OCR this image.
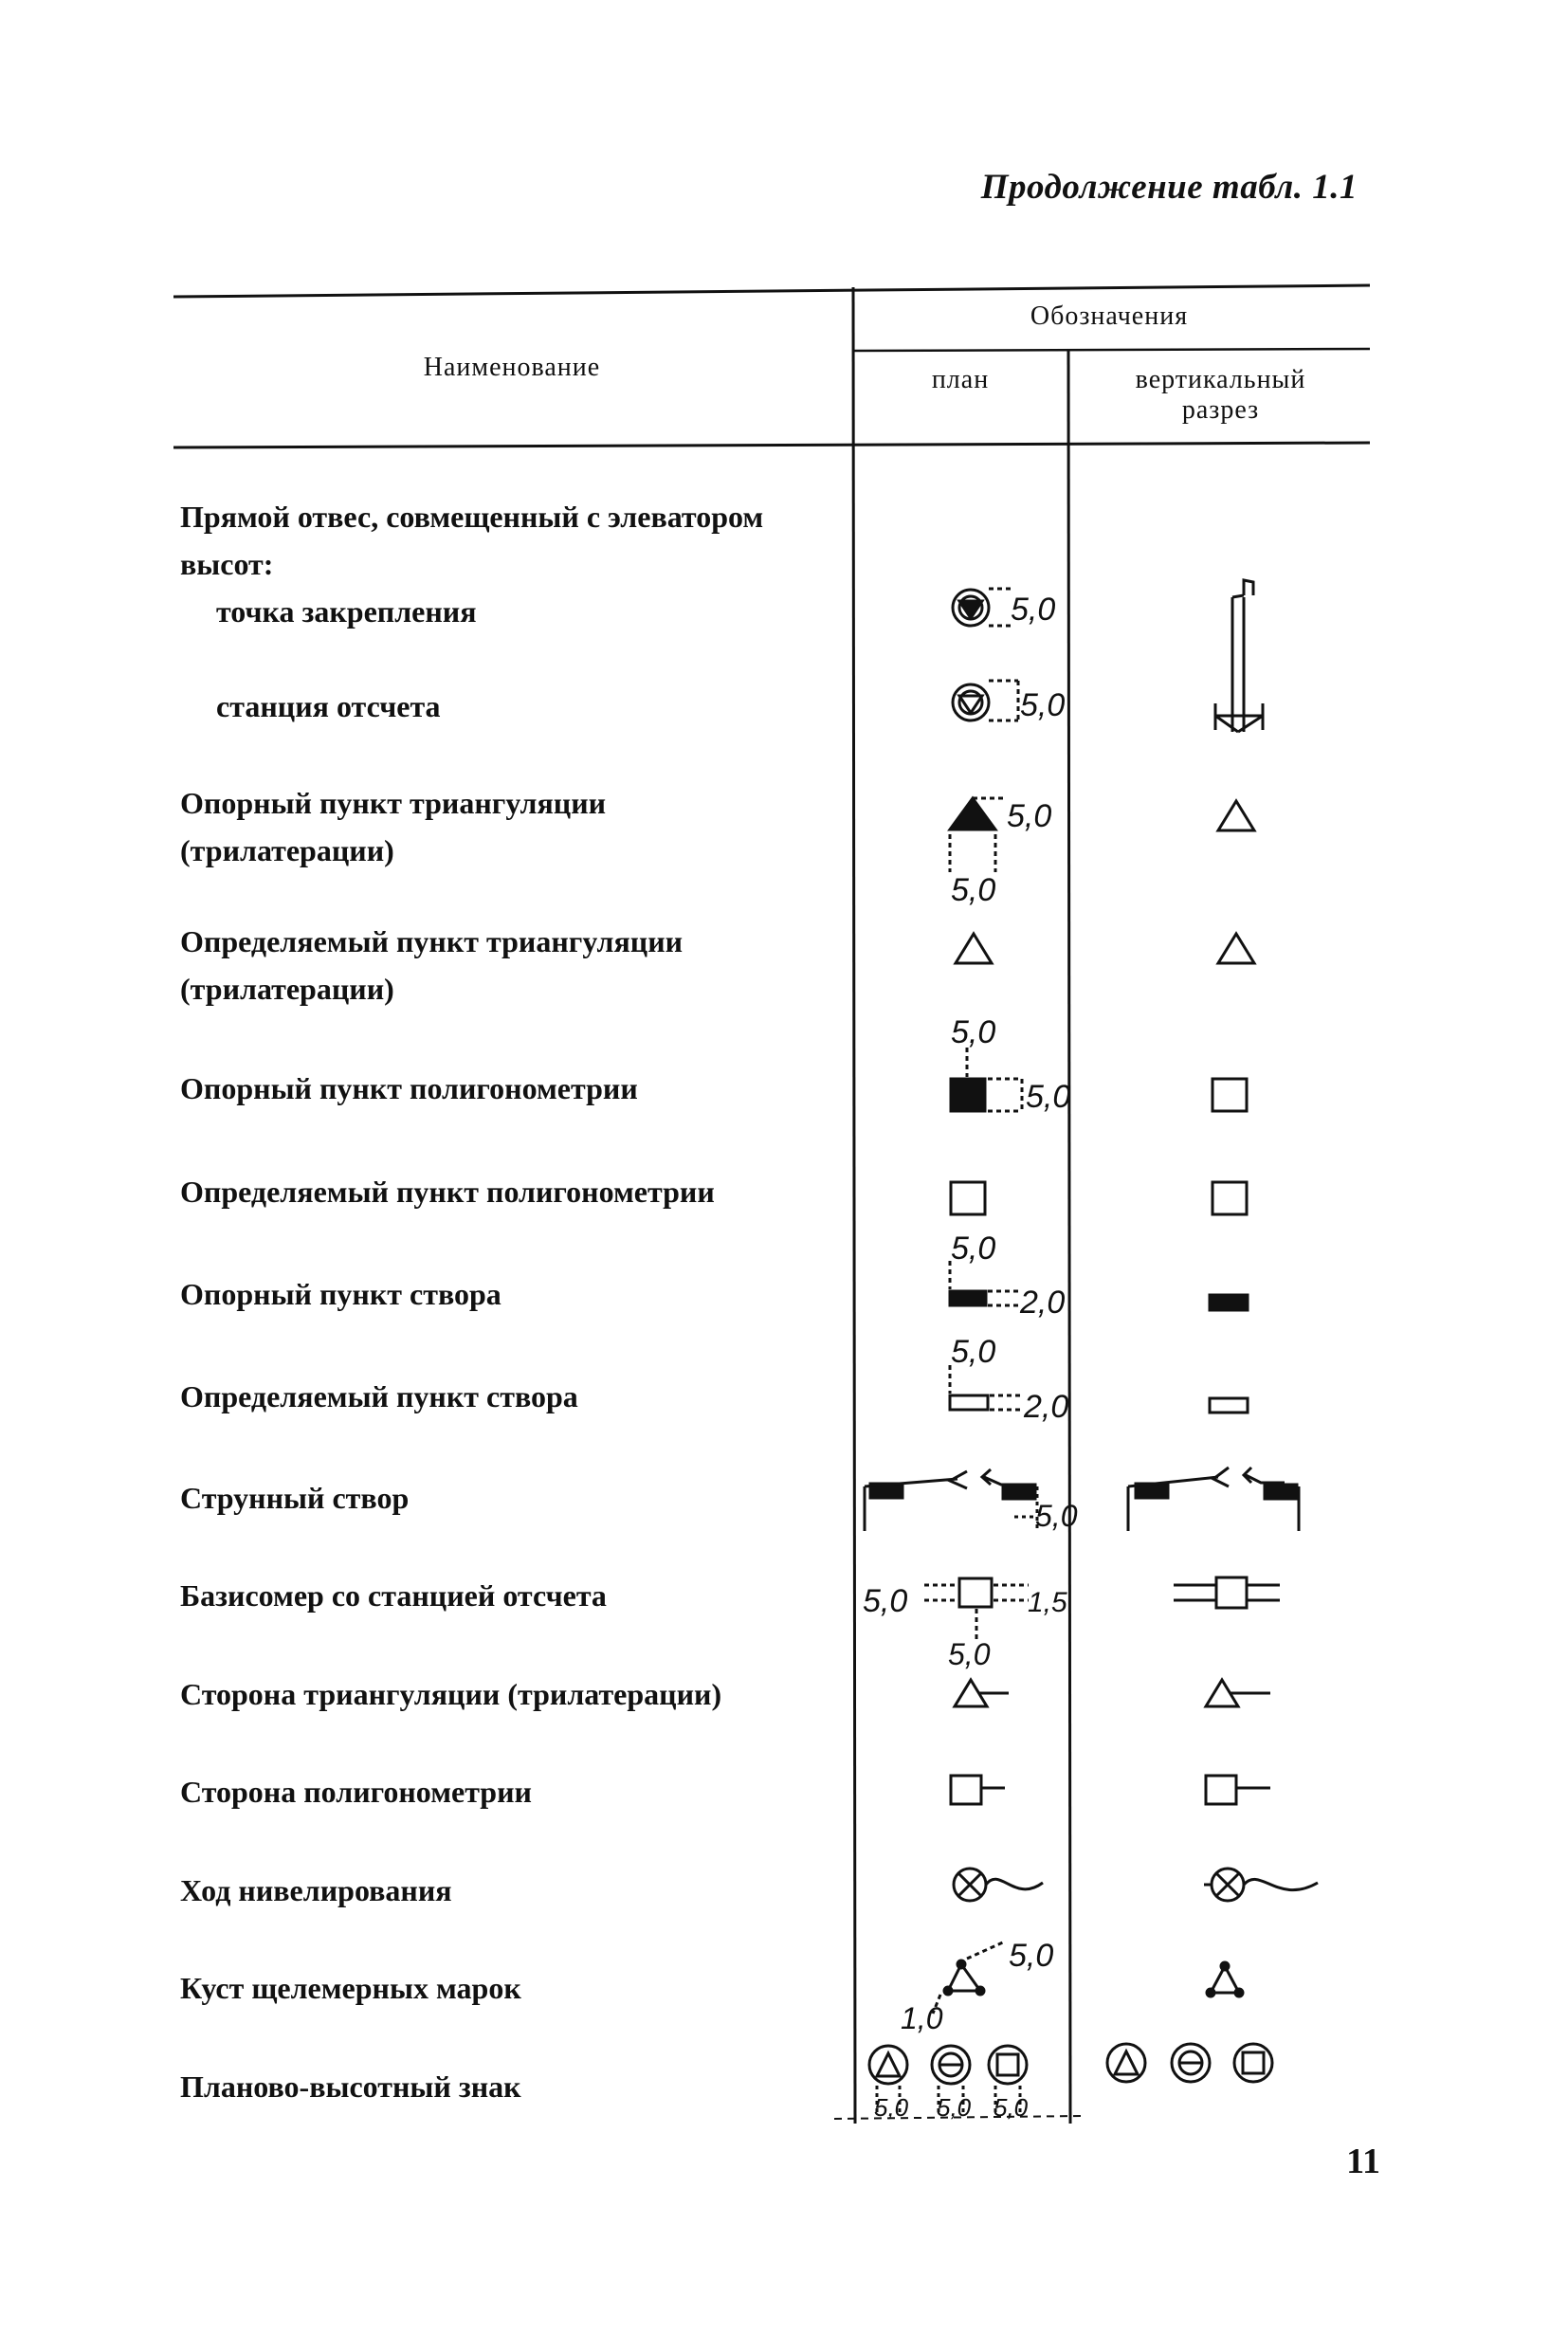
Продолжение табл. 1.1
Наименование
Обозначения
план	вертикальный
разрез
Прямой отвес, совмещенный с элеватором
высот:
точка закрепления
станция отсчета
Опорный пункт триангуляции
(трилатерации)
Определяемый пункт триангуляции
(трилатерации)
Опорный пункт полигонометрии
Определяемый пункт полигонометрии
Опорный пункт створа
Определяемый пункт створа
Струнный створ
Базисомер со станцией отсчета
Сторона триангуляции (трилатерации)
Сторона полигонометрии
Ход нивелирования
Куст щелемерных марок
Планово-высотный знак
5,0
5,0
5,0
5,0
5,0
5,0
5,0
2,0
5,0
2,0
5,0
5,0	1,5
5,0
5,0
1,0
5,0 5,0 5,0
11
